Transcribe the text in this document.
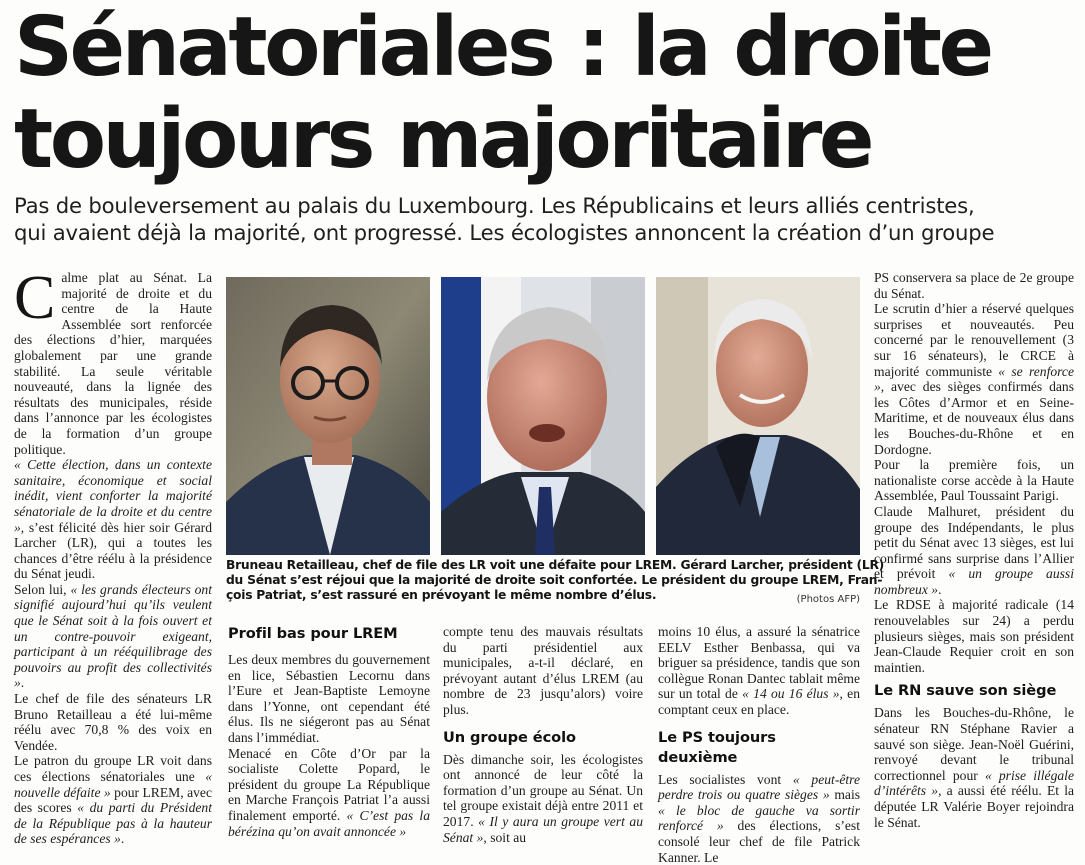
Sénatoriales : la droite
toujours majoritaire
Pas de bouleversement au palais du Luxembourg. Les Républicains et leurs alliés centristes,
qui avaient déjà la majorité, ont progressé. Les écologistes annoncent la création d’un groupe

Calme plat au Sénat. La majorité de droite et du centre de la Haute Assemblée sort renforcée des élections d’hier, marquées globalement par une grande stabilité. La seule véritable nouveauté, dans la lignée des résultats des municipales, réside dans l’annonce par les écologistes de la formation d’un groupe politique.

« Cette élection, dans un contexte sanitaire, économique et social inédit, vient conforter la majorité sénatoriale de la droite et du centre », s’est félicité dès hier soir Gérard Larcher (LR), qui a toutes les chances d’être réélu à la présidence du Sénat jeudi.

Selon lui, « les grands électeurs ont signifié aujourd’hui qu’ils veulent que le Sénat soit à la fois ouvert et un contre-pouvoir exigeant, participant à un rééquilibrage des pouvoirs au profit des collectivités ».

Le chef de file des sénateurs LR Bruno Retailleau a été lui-même réélu avec 70,8 % des voix en Vendée.

Le patron du groupe LR voit dans ces élections sénatoriales une « nouvelle défaite » pour LREM, avec des scores « du parti du Président de la République pas à la hauteur de ses espérances ».

Bruneau Retailleau, chef de file des LR voit une défaite pour LREM. Gérard Larcher, président (LR)
du Sénat s’est réjoui que la majorité de droite soit confortée. Le président du groupe LREM, Fran-
çois Patriat, s’est rassuré en prévoyant le même nombre d’élus.	(Photos AFP)
Profil bas pour LREM

Les deux membres du gouvernement en lice, Sébastien Lecornu dans l’Eure et Jean-Baptiste Lemoyne dans l’Yonne, ont cependant été élus. Ils ne siégeront pas au Sénat dans l’immédiat.

Menacé en Côte d’Or par la socialiste Colette Popard, le président du groupe La République en Marche François Patriat l’a aussi finalement emporté. « C’est pas la bérézina qu’on avait annoncée »

compte tenu des mauvais résultats du parti présidentiel aux municipales, a-t-il déclaré, en prévoyant autant d’élus LREM (au nombre de 23 jusqu’alors) voire plus.

Un groupe écolo

Dès dimanche soir, les écologistes ont annoncé de leur côté la formation d’un groupe au Sénat. Un tel groupe existait déjà entre 2011 et 2017. « Il y aura un groupe vert au Sénat », soit au

moins 10 élus, a assuré la sénatrice EELV Esther Benbassa, qui va briguer sa présidence, tandis que son collègue Ronan Dantec tablait même sur un total de « 14 ou 16 élus », en comptant ceux en place.

Le PS toujours deuxième

Les socialistes vont « peut-être perdre trois ou quatre sièges » mais « le bloc de gauche va sortir renforcé » des élections, s’est consolé leur chef de file Patrick Kanner. Le

PS conservera sa place de 2e groupe du Sénat.

Le scrutin d’hier a réservé quelques surprises et nouveautés. Peu concerné par le renouvellement (3 sur 16 sénateurs), le CRCE à majorité communiste « se renforce », avec des sièges confirmés dans les Côtes d’Armor et en Seine-Maritime, et de nouveaux élus dans les Bouches-du-Rhône et en Dordogne.

Pour la première fois, un nationaliste corse accède à la Haute Assemblée, Paul Toussaint Parigi.

Claude Malhuret, président du groupe des Indépendants, le plus petit du Sénat avec 13 sièges, est lui confirmé sans surprise dans l’Allier et prévoit « un groupe aussi nombreux ».

Le RDSE à majorité radicale (14 renouvelables sur 24) a perdu plusieurs sièges, mais son président Jean-Claude Requier croit en son maintien.

Le RN sauve son siège

Dans les Bouches-du-Rhône, le sénateur RN Stéphane Ravier a sauvé son siège. Jean-Noël Guérini, renvoyé devant le tribunal correctionnel pour « prise illégale d’intérêts », a aussi été réélu. Et la députée LR Valérie Boyer rejoindra le Sénat.
